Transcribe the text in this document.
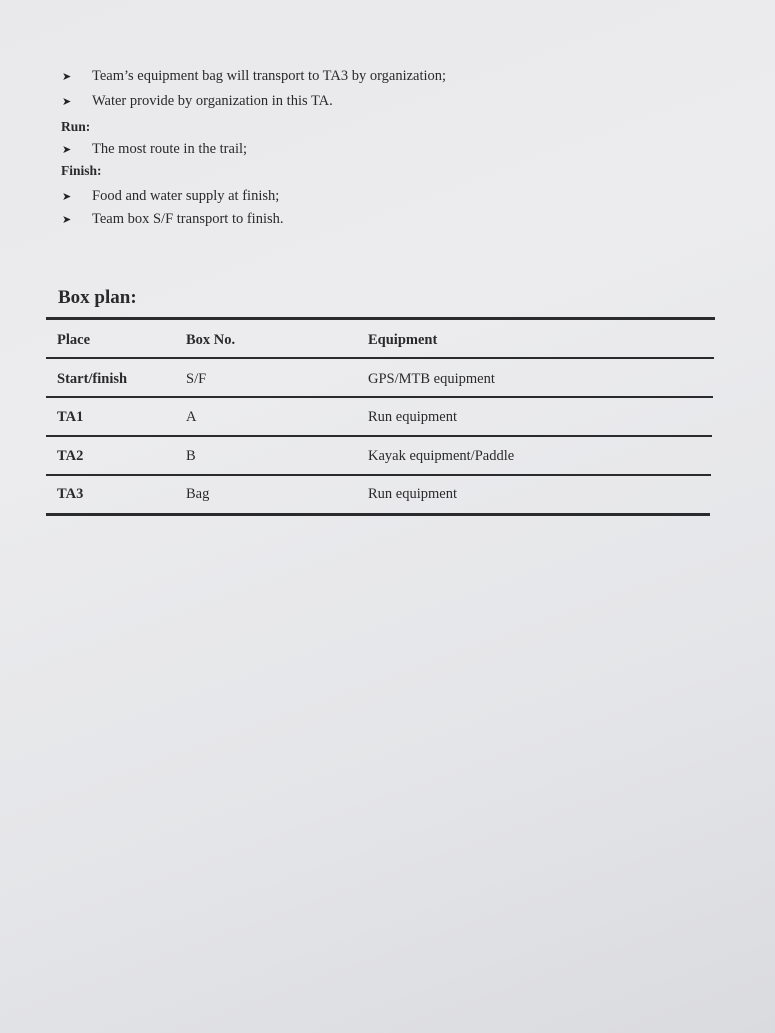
➤ Team’s equipment bag will transport to TA3 by organization;
➤ Water provide by organization in this TA.
Run:
➤ The most route in the trail;
Finish:
➤ Food and water supply at finish;
➤ Team box S/F transport to finish.
Box plan:
Place	Box No.	Equipment
Start/finish	S/F	GPS/MTB equipment
TA1	A	Run equipment
TA2	B	Kayak equipment/Paddle
TA3	Bag	Run equipment
